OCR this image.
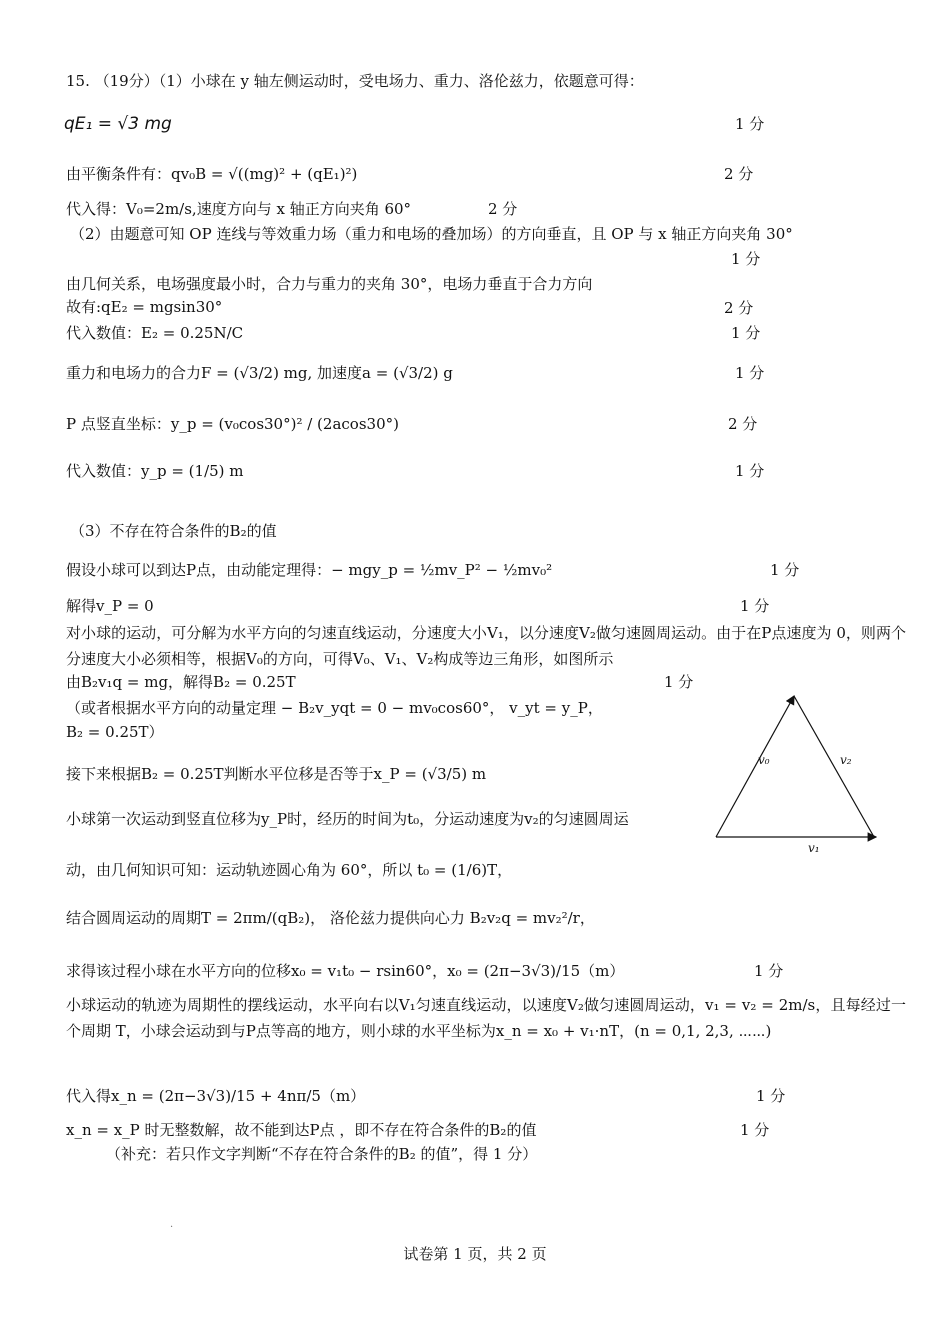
15. （19分）（1）小球在 y 轴左侧运动时，受电场力、重力、洛伦兹力，依题意可得：
qE₁ = √3 mg	1 分
由平衡条件有：qv₀B = √((mg)² + (qE₁)²)	2 分
代入得：V₀=2m/s,速度方向与 x 轴正方向夹角 60°	2 分
（2）由题意可知 OP 连线与等效重力场（重力和电场的叠加场）的方向垂直，且 OP 与 x 轴正方向夹角 30°
1 分
由几何关系，电场强度最小时，合力与重力的夹角 30°，电场力垂直于合力方向
故有:qE₂ = mgsin30°	2 分
代入数值：E₂ = 0.25N/C	1 分
重力和电场力的合力F = (√3/2) mg, 加速度a = (√3/2) g	1 分
P 点竖直坐标：y_p = (v₀cos30°)² / (2acos30°)	2 分
代入数值：y_p = (1/5) m	1 分
（3）不存在符合条件的B₂的值
假设小球可以到达P点，由动能定理得：− mgy_p = ½mv_P² − ½mv₀²	1 分
解得v_P = 0	1 分
对小球的运动，可分解为水平方向的匀速直线运动，分速度大小V₁，以分速度V₂做匀速圆周运动。由于在P点速度为 0，则两个分速度大小必须相等，根据V₀的方向，可得V₀、V₁、V₂构成等边三角形，如图所示
由B₂v₁q = mg，解得B₂ = 0.25T	1 分
（或者根据水平方向的动量定理 − B₂v_yqt = 0 − mv₀cos60°， v_yt = y_P，
B₂ = 0.25T）
接下来根据B₂ = 0.25T判断水平位移是否等于x_P = (√3/5) m
小球第一次运动到竖直位移为y_P时，经历的时间为t₀，分运动速度为v₂的匀速圆周运
动，由几何知识可知：运动轨迹圆心角为 60°，所以 t₀ = (1/6)T，
结合圆周运动的周期T = 2πm/(qB₂)， 洛伦兹力提供向心力 B₂v₂q = mv₂²/r，
求得该过程小球在水平方向的位移x₀ = v₁t₀ − rsin60°，x₀ = (2π−3√3)/15（m）	1 分
小球运动的轨迹为周期性的摆线运动，水平向右以V₁匀速直线运动，以速度V₂做匀速圆周运动，v₁ = v₂ = 2m/s，且每经过一个周期 T，小球会运动到与P点等高的地方，则小球的水平坐标为x_n = x₀ + v₁·nT，(n = 0,1, 2,3, ⋯⋯)
代入得x_n = (2π−3√3)/15 + 4nπ/5（m）	1 分
x_n = x_P 时无整数解，故不能到达P点 ，即不存在符合条件的B₂的值	1 分
（补充：若只作文字判断“不存在符合条件的B₂ 的值”，得 1 分）
v₀	v₂
v₁
·
试卷第 1 页，共 2 页
